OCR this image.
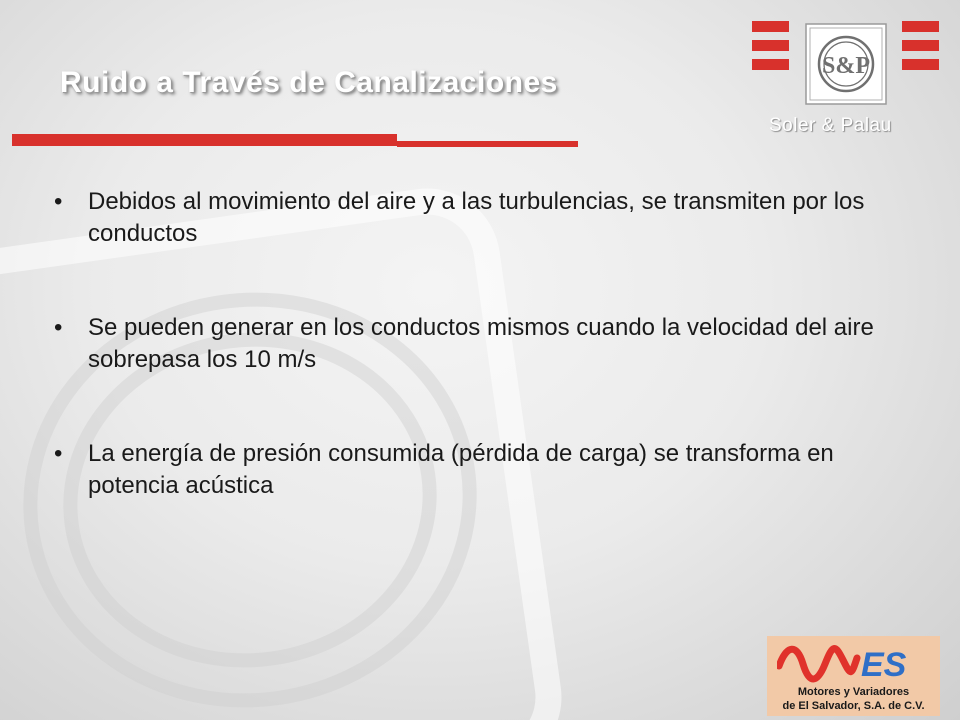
Ruido a Través de Canalizaciones	S&P
Soler & Palau
• Debidos al movimiento del aire y a las turbulencias, se transmiten por los conductos
• Se pueden generar en los conductos mismos cuando la velocidad del aire sobrepasa los 10 m/s
• La energía de presión consumida (pérdida de carga) se transforma en potencia acústica
ES
Motores y Variadores
de El Salvador, S.A. de C.V.
